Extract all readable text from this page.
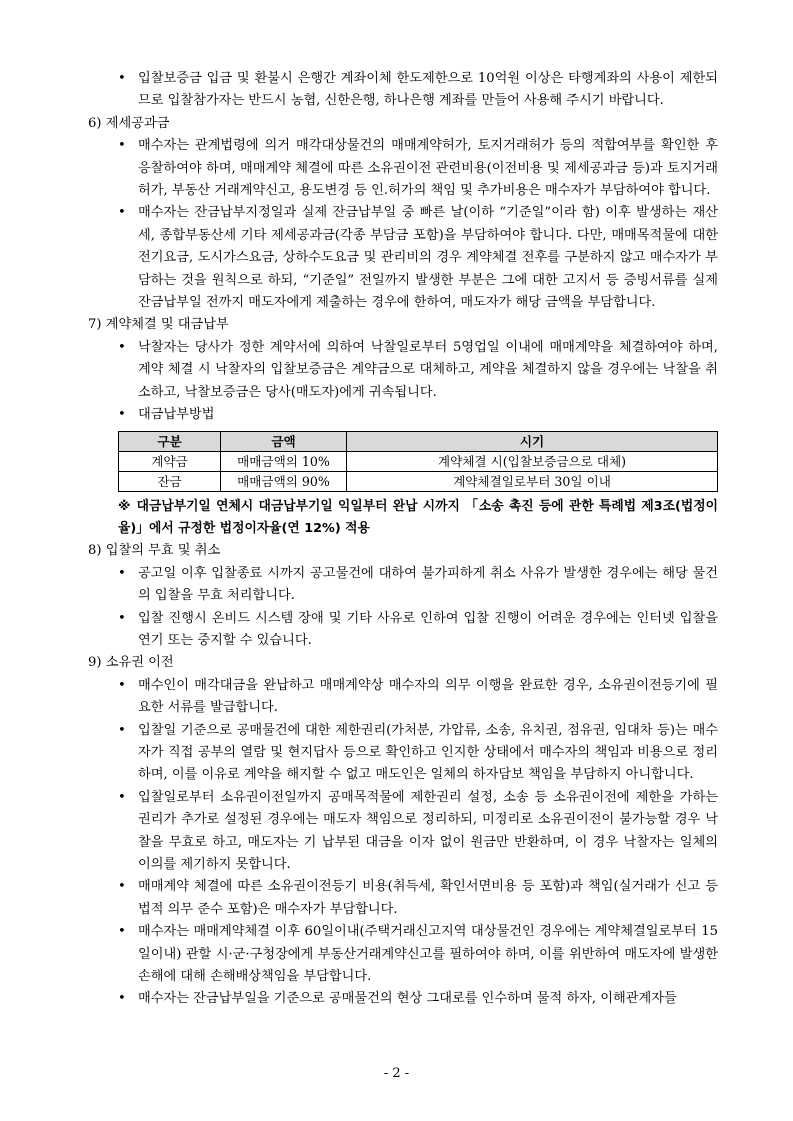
• 입찰보증금 입금 및 환불시 은행간 계좌이체 한도제한으로 10억원 이상은 타행계좌의 사용이 제한되므로 입찰참가자는 반드시 농협, 신한은행, 하나은행 계좌를 만들어 사용해 주시기 바랍니다.
6) 제세공과금
• 매수자는 관계법령에 의거 매각대상물건의 매매계약허가, 토지거래허가 등의 적합여부를 확인한 후 응찰하여야 하며, 매매계약 체결에 따른 소유권이전 관련비용(이전비용 및 제세공과금 등)과 토지거래허가, 부동산 거래계약신고, 용도변경 등 인.허가의 책임 및 추가비용은 매수자가 부담하여야 합니다.
• 매수자는 잔금납부지정일과 실제 잔금납부일 중 빠른 날(이하 “기준일”이라 함) 이후 발생하는 재산세, 종합부동산세 기타 제세공과금(각종 부담금 포함)을 부담하여야 합니다. 다만, 매매목적물에 대한 전기요금, 도시가스요금, 상하수도요금 및 관리비의 경우 계약체결 전후를 구분하지 않고 매수자가 부담하는 것을 원칙으로 하되, “기준일” 전일까지 발생한 부분은 그에 대한 고지서 등 증빙서류를 실제 잔금납부일 전까지 매도자에게 제출하는 경우에 한하여, 매도자가 해당 금액을 부담합니다.
7) 계약체결 및 대금납부
• 낙찰자는 당사가 정한 계약서에 의하여 낙찰일로부터 5영업일 이내에 매매계약을 체결하여야 하며, 계약 체결 시 낙찰자의 입찰보증금은 계약금으로 대체하고, 계약을 체결하지 않을 경우에는 낙찰을 취소하고, 낙찰보증금은 당사(매도자)에게 귀속됩니다.
• 대금납부방법
구분	금액	시기
계약금	매매금액의 10%	계약체결 시(입찰보증금으로 대체)
잔금	매매금액의 90%	계약체결일로부터 30일 이내
※ 대금납부기일 연체시 대금납부기일 익일부터 완납 시까지 「소송 촉진 등에 관한 특례법 제3조(법정이율)」에서 규정한 법정이자율(연 12%) 적용
8) 입찰의 무효 및 취소
• 공고일 이후 입찰종료 시까지 공고물건에 대하여 불가피하게 취소 사유가 발생한 경우에는 해당 물건의 입찰을 무효 처리합니다.
• 입찰 진행시 온비드 시스템 장애 및 기타 사유로 인하여 입찰 진행이 어려운 경우에는 인터넷 입찰을 연기 또는 중지할 수 있습니다.
9) 소유권 이전
• 매수인이 매각대금을 완납하고 매매계약상 매수자의 의무 이행을 완료한 경우, 소유권이전등기에 필요한 서류를 발급합니다.
• 입찰일 기준으로 공매물건에 대한 제한권리(가처분, 가압류, 소송, 유치권, 점유권, 임대차 등)는 매수자가 직접 공부의 열람 및 현지답사 등으로 확인하고 인지한 상태에서 매수자의 책임과 비용으로 정리하며, 이를 이유로 계약을 해지할 수 없고 매도인은 일체의 하자담보 책임을 부담하지 아니합니다.
• 입찰일로부터 소유권이전일까지 공매목적물에 제한권리 설정, 소송 등 소유권이전에 제한을 가하는 권리가 추가로 설정된 경우에는 매도자 책임으로 정리하되, 미정리로 소유권이전이 불가능할 경우 낙찰을 무효로 하고, 매도자는 기 납부된 대금을 이자 없이 원금만 반환하며, 이 경우 낙찰자는 일체의 이의를 제기하지 못합니다.
• 매매계약 체결에 따른 소유권이전등기 비용(취득세, 확인서면비용 등 포함)과 책임(실거래가 신고 등 법적 의무 준수 포함)은 매수자가 부담합니다.
• 매수자는 매매계약체결 이후 60일이내(주택거래신고지역 대상물건인 경우에는 계약체결일로부터 15일이내) 관할 시·군·구청장에게 부동산거래계약신고를 필하여야 하며, 이를 위반하여 매도자에 발생한 손해에 대해 손해배상책임을 부담합니다.
• 매수자는 잔금납부일을 기준으로 공매물건의 현상 그대로를 인수하며 물적 하자, 이해관계자들
- 2 -
